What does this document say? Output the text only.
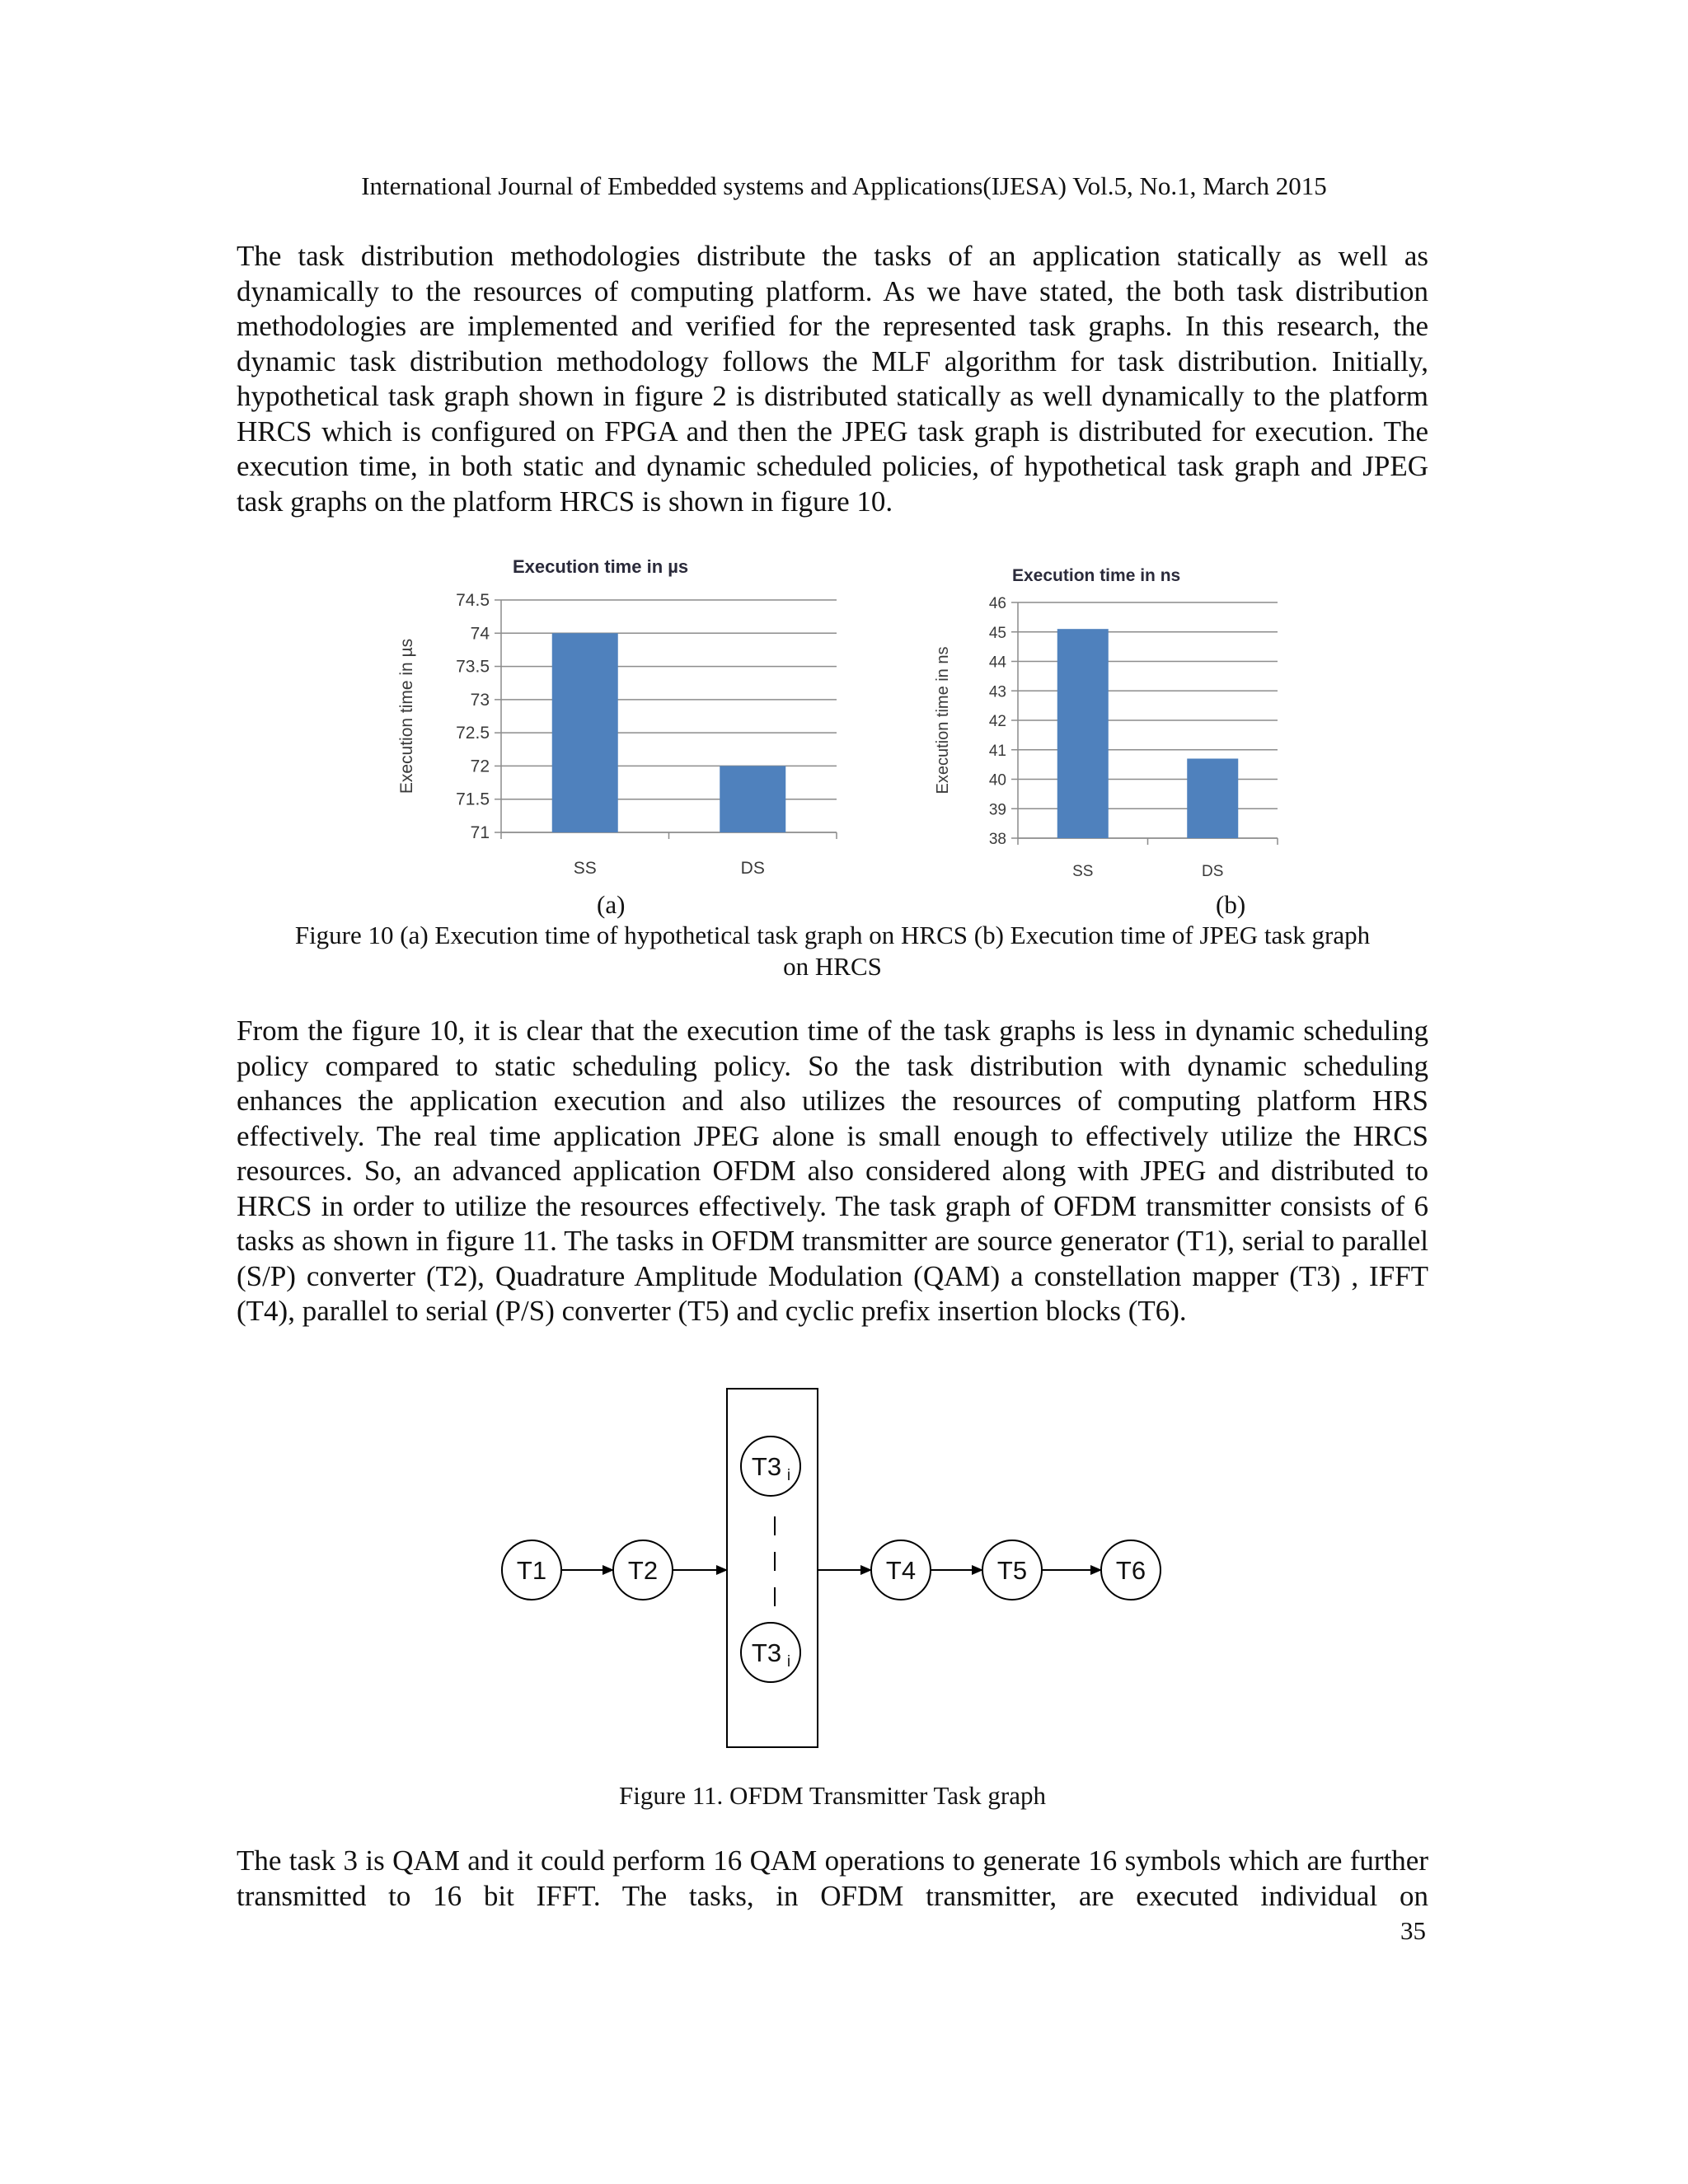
International Journal of Embedded systems and Applications(IJESA) Vol.5, No.1, March 2015

The task distribution methodologies distribute the tasks of an application statically as well as dynamically to the resources of computing platform. As we have stated, the both task distribution methodologies are implemented and verified for the represented task graphs. In this research, the dynamic task distribution methodology follows the MLF algorithm for task distribution. Initially, hypothetical task graph shown in figure 2 is distributed statically as well dynamically to the platform HRCS which is configured on FPGA and then the JPEG task graph is distributed for execution. The execution time, in both static and dynamic scheduled policies, of hypothetical task graph and JPEG task graphs on the platform HRCS is shown in figure 10.

Execution time in µs
71
71.5
72
72.5
73
73.5
74
74.5
SS	DS
Execution time in µs
Execution time in ns
38
39
40
41
42
43
44
45
46
SS	DS
Execution time in ns
(a)	(b)
Figure 10 (a) Execution time of hypothetical task graph on HRCS (b) Execution time of JPEG task graph
on HRCS

From the figure 10, it is clear that the execution time of the task graphs is less in dynamic scheduling policy compared to static scheduling policy. So the task distribution with dynamic scheduling enhances the application execution and also utilizes the resources of computing platform HRS effectively. The real time application JPEG alone is small enough to effectively utilize the HRCS resources. So, an advanced application OFDM also considered along with JPEG and distributed to HRCS in order to utilize the resources effectively. The task graph of OFDM transmitter consists of 6 tasks as shown in figure 11. The tasks in OFDM transmitter are source generator (T1), serial to parallel (S/P) converter (T2), Quadrature Amplitude Modulation (QAM) a constellation mapper (T3) , IFFT (T4), parallel to serial (P/S) converter (T5) and cyclic prefix insertion blocks (T6).

T1	T2
T3 i
T3 i
T4	T5	T6
Figure 11. OFDM Transmitter Task graph

The task 3 is QAM and it could perform 16 QAM operations to generate 16 symbols which are further transmitted to 16 bit IFFT. The tasks, in OFDM transmitter, are executed individual on

35
